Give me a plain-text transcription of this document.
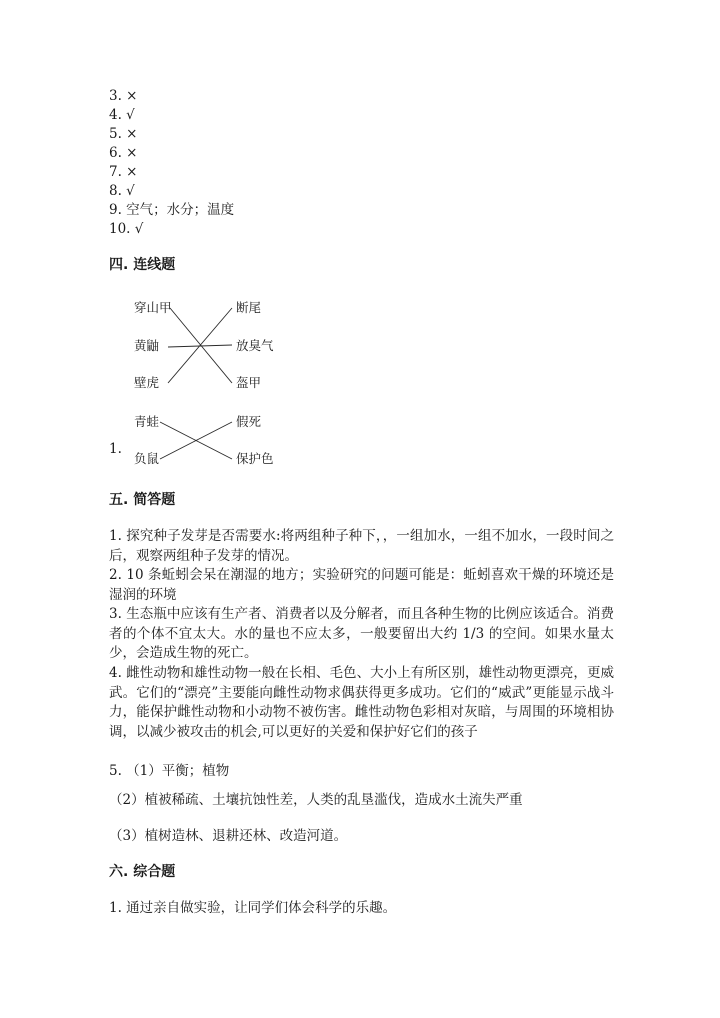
3. ×
4. √
5. ×
6. ×
7. ×
8. √
9. 空气；水分；温度
10. √
四. 连线题
穿山甲
黄鼬
壁虎
断尾
放臭气
盔甲
青蛙
负鼠
假死
保护色
1.
五. 简答题
1. 探究种子发芽是否需要水:将两组种子种下，，一组加水，一组不加水，一段时间之后，观察两组种子发芽的情况。
2. 10 条蚯蚓会呆在潮湿的地方；实验研究的问题可能是：蚯蚓喜欢干燥的环境还是湿润的环境
3. 生态瓶中应该有生产者、消费者以及分解者，而且各种生物的比例应该适合。消费者的个体不宜太大。水的量也不应太多，一般要留出大约 1/3 的空间。如果水量太少，会造成生物的死亡。
4. 雌性动物和雄性动物一般在长相、毛色、大小上有所区别，雄性动物更漂亮，更威武。它们的“漂亮”主要能向雌性动物求偶获得更多成功。它们的“威武”更能显示战斗力，能保护雌性动物和小动物不被伤害。雌性动物色彩相对灰暗，与周围的环境相协调，以减少被攻击的机会,可以更好的关爱和保护好它们的孩子
5. （1）平衡；植物
（2）植被稀疏、土壤抗蚀性差，人类的乱垦滥伐，造成水土流失严重
（3）植树造林、退耕还林、改造河道。
六. 综合题
1. 通过亲自做实验，让同学们体会科学的乐趣。
